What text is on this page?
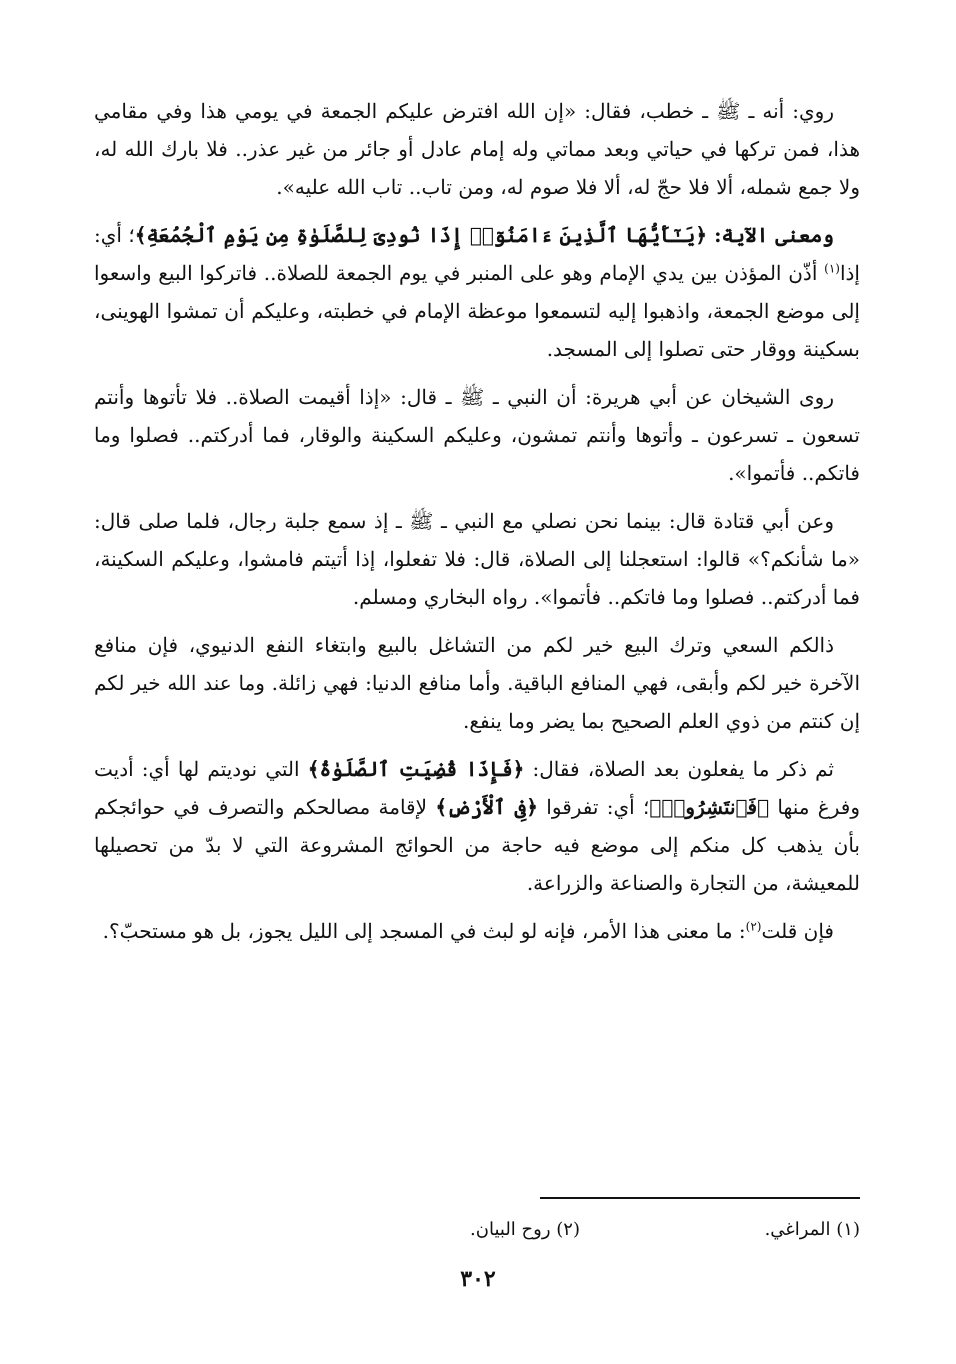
روي: أنه ـ ﷺ ـ خطب، فقال: «إن الله افترض عليكم الجمعة في يومي هذا وفي مقامي هذا، فمن تركها في حياتي وبعد مماتي وله إمام عادل أو جائر من غير عذر.. فلا بارك الله له، ولا جمع شمله، ألا فلا حجّ له، ألا فلا صوم له، ومن تاب.. تاب الله عليه».

ومعنى الآية: ﴿يَـٰٓأَيُّهَا ٱلَّذِينَ ءَامَنُوٓا۟ إِذَا نُودِىَ لِلصَّلَوٰةِ مِن يَوْمِ ٱلْجُمُعَةِ﴾؛ أي: إذا$^{(١)}$ أذّن المؤذن بين يدي الإمام وهو على المنبر في يوم الجمعة للصلاة.. فاتركوا البيع واسعوا إلى موضع الجمعة، واذهبوا إليه لتسمعوا موعظة الإمام في خطبته، وعليكم أن تمشوا الهوينى، بسكينة ووقار حتى تصلوا إلى المسجد.

روى الشيخان عن أبي هريرة: أن النبي ـ ﷺ ـ قال: «إذا أقيمت الصلاة.. فلا تأتوها وأنتم تسعون ـ تسرعون ـ وأتوها وأنتم تمشون، وعليكم السكينة والوقار، فما أدركتم.. فصلوا وما فاتكم.. فأتموا».

وعن أبي قتادة قال: بينما نحن نصلي مع النبي ـ ﷺ ـ إذ سمع جلبة رجال، فلما صلى قال: «ما شأنكم؟» قالوا: استعجلنا إلى الصلاة، قال: فلا تفعلوا، إذا أتيتم فامشوا، وعليكم السكينة، فما أدركتم.. فصلوا وما فاتكم.. فأتموا». رواه البخاري ومسلم.

ذالكم السعي وترك البيع خير لكم من التشاغل بالبيع وابتغاء النفع الدنيوي، فإن منافع الآخرة خير لكم وأبقى، فهي المنافع الباقية. وأما منافع الدنيا: فهي زائلة. وما عند الله خير لكم إن كنتم من ذوي العلم الصحيح بما يضر وما ينفع.

ثم ذكر ما يفعلون بعد الصلاة، فقال: ﴿فَإِذَا قُضِيَتِ ٱلصَّلَوٰةُ﴾ التي نوديتم لها أي: أديت وفرغ منها ﴿فَٱنتَشِرُوا۟﴾؛ أي: تفرقوا ﴿فِى ٱلْأَرْضِ﴾ لإقامة مصالحكم والتصرف في حوائجكم بأن يذهب كل منكم إلى موضع فيه حاجة من الحوائج المشروعة التي لا بدّ من تحصيلها للمعيشة، من التجارة والصناعة والزراعة.

فإن قلت$^{(٢)}$: ما معنى هذا الأمر، فإنه لو لبث في المسجد إلى الليل يجوز، بل هو مستحبّ؟.

(١) المراغي.
(٢) روح البيان.
٣٠٢
